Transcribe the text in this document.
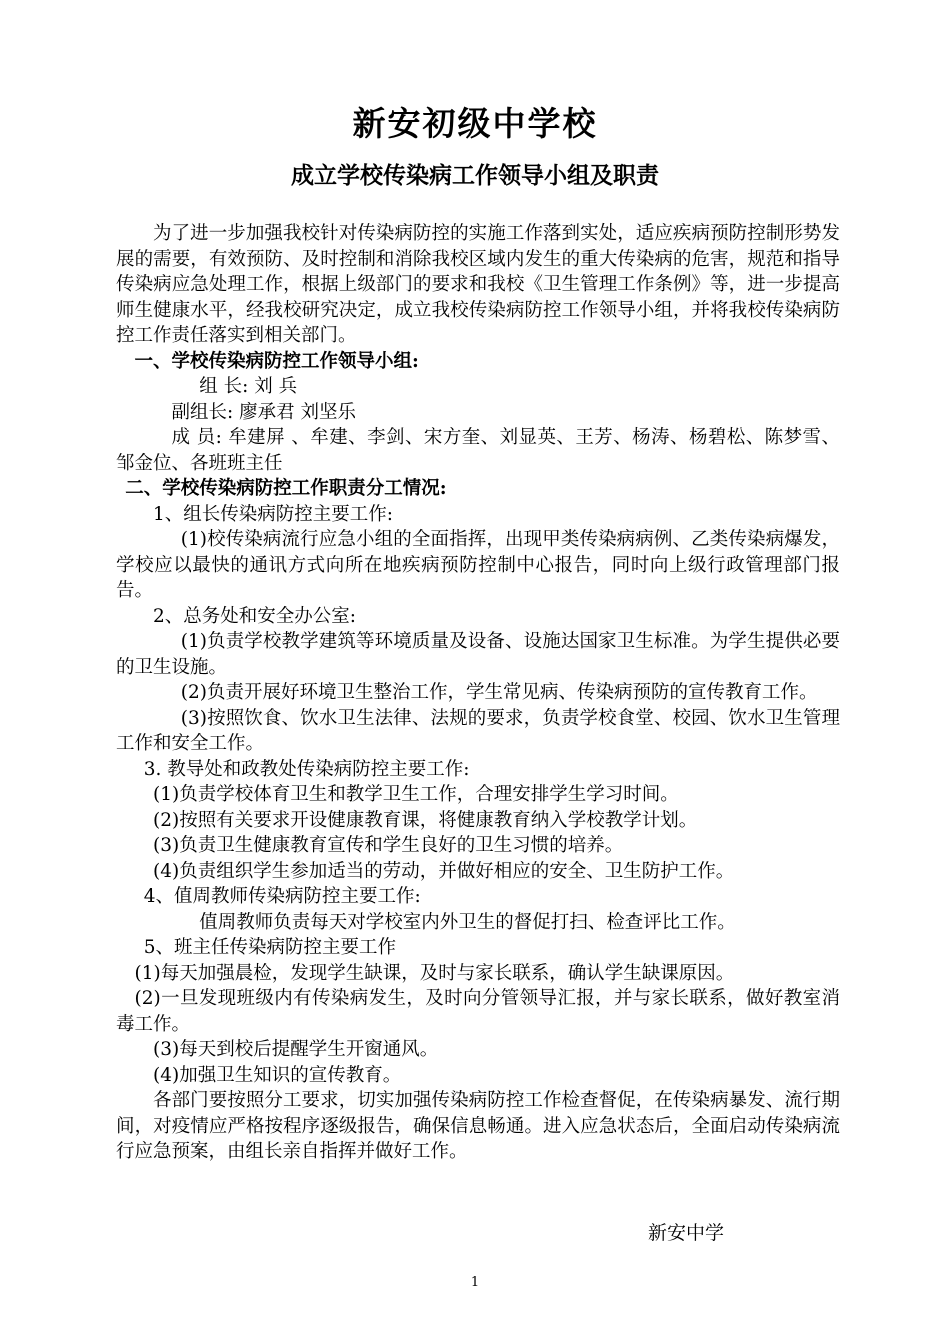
新安初级中学校
成立学校传染病工作领导小组及职责

为了进一步加强我校针对传染病防控的实施工作落到实处，适应疾病预防控制形势发展的需要，有效预防、及时控制和消除我校区域内发生的重大传染病的危害，规范和指导传染病应急处理工作，根据上级部门的要求和我校《卫生管理工作条例》等，进一步提高师生健康水平，经我校研究决定，成立我校传染病防控工作领导小组，并将我校传染病防控工作责任落实到相关部门。

一、学校传染病防控工作领导小组:

组 长: 刘 兵

副组长: 廖承君 刘坚乐

成 员: 牟建屏 、牟建、李剑、宋方奎、刘显英、王芳、杨涛、杨碧松、陈梦雪、邹金位、各班班主任

二、学校传染病防控工作职责分工情况:

1、组长传染病防控主要工作:

(1)校传染病流行应急小组的全面指挥，出现甲类传染病病例、乙类传染病爆发，学校应以最快的通讯方式向所在地疾病预防控制中心报告，同时向上级行政管理部门报告。

2、总务处和安全办公室:

(1)负责学校教学建筑等环境质量及设备、设施达国家卫生标准。为学生提供必要的卫生设施。

(2)负责开展好环境卫生整治工作，学生常见病、传染病预防的宣传教育工作。

(3)按照饮食、饮水卫生法律、法规的要求，负责学校食堂、校园、饮水卫生管理工作和安全工作。

3. 教导处和政教处传染病防控主要工作:

(1)负责学校体育卫生和教学卫生工作，合理安排学生学习时间。

(2)按照有关要求开设健康教育课，将健康教育纳入学校教学计划。

(3)负责卫生健康教育宣传和学生良好的卫生习惯的培养。

(4)负责组织学生参加适当的劳动，并做好相应的安全、卫生防护工作。

4、值周教师传染病防控主要工作:

值周教师负责每天对学校室内外卫生的督促打扫、检查评比工作。

5、班主任传染病防控主要工作

(1)每天加强晨检，发现学生缺课，及时与家长联系，确认学生缺课原因。

(2)一旦发现班级内有传染病发生，及时向分管领导汇报，并与家长联系，做好教室消毒工作。

(3)每天到校后提醒学生开窗通风。

(4)加强卫生知识的宣传教育。

各部门要按照分工要求，切实加强传染病防控工作检查督促，在传染病暴发、流行期间，对疫情应严格按程序逐级报告，确保信息畅通。进入应急状态后，全面启动传染病流行应急预案，由组长亲自指挥并做好工作。

新安中学
1
